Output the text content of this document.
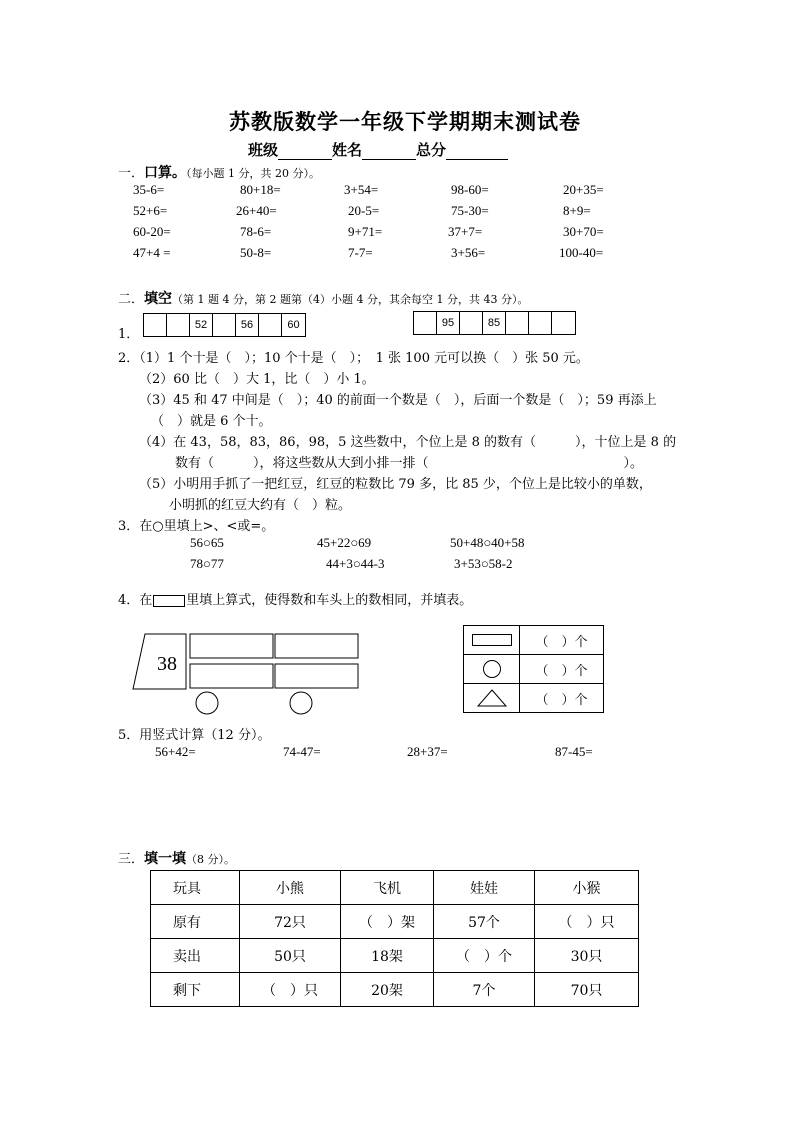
苏教版数学一年级下学期期末测试卷
班级	姓名	总分
一．口算。（每小题 1 分，共 20 分）。
35-6=	80+18=	3+54=	98-60=	20+35=
52+6=	26+40=	20-5=	75-30=	8+9=
60-20=	78-6=	9+71=	37+7=	30+70=
47+4 =	50-8=	7-7=	3+56=	100-40=
二．填空（第 1 题 4 分，第 2 题第（4）小题 4 分，其余每空 1 分，共 43 分）。
1．
52	56	60	95	85
2．（1）1 个十是（　）；10 个十是（　）；　1 张 100 元可以换（　）张 50 元。
（2）60 比（　）大 1，比（　）小 1。
（3）45 和 47 中间是（　）；40 的前面一个数是（　），后面一个数是（　）；59 再添上
（　）就是 6 个十。
（4）在 43，58，83，86，98，5 这些数中，个位上是 8 的数有（　　　），十位上是 8 的
数有（　　　），将这些数从大到小排一排（　　　　　　　　　　　　　　　）。
（5）小明用手抓了一把红豆，红豆的粒数比 79 多，比 85 少，个位上是比较小的单数，
小明抓的红豆大约有（　）粒。
3．在○里填上>、<或=。
56○65	45+22○69	50+48○40+58
78○77	44+3○44-3	3+53○58-2
4．在	里填上算式，使得数和车头上的数相同，并填表。
38
	（　）个
	（　）个
	（　）个
5．用竖式计算（12 分）。
56+42=	74-47=	28+37=	87-45=
三．填一填（8 分）。
玩具	小熊	飞机	娃娃	小猴
原有	72只	（　）架	57个	（　）只
卖出	50只	18架	（　）个	30只
剩下	（　）只	20架	7个	70只
